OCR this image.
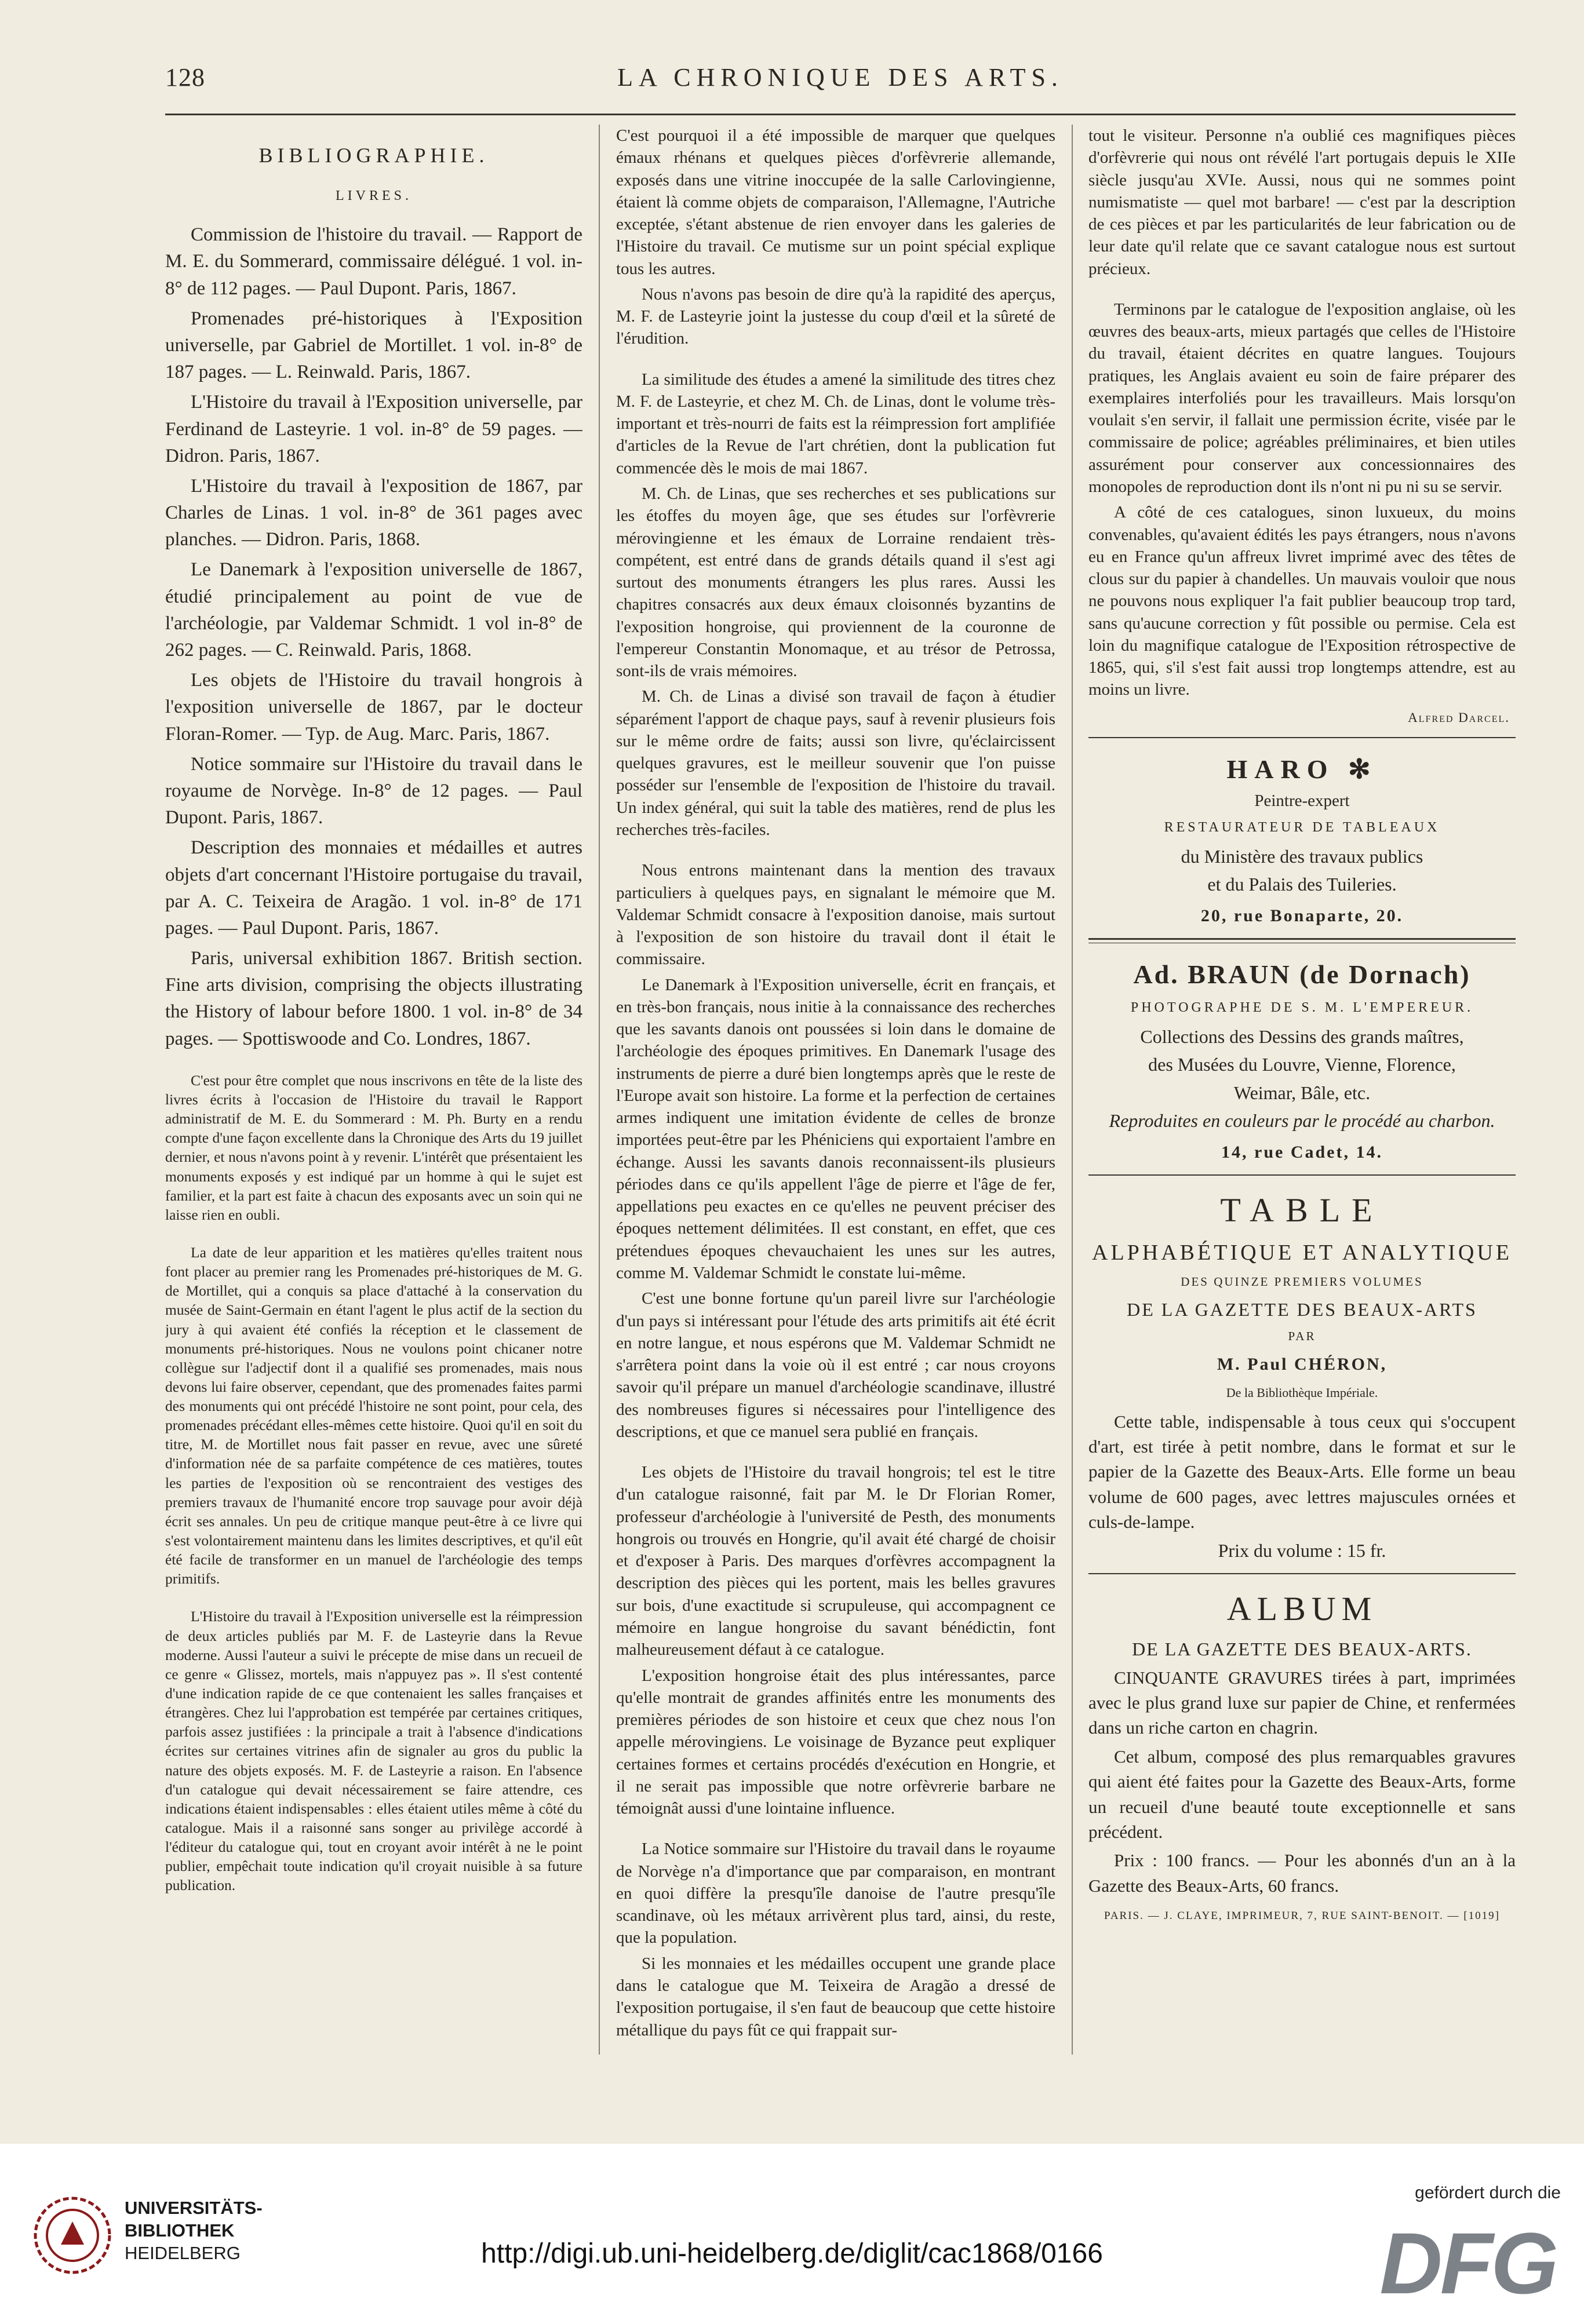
128	LA CHRONIQUE DES ARTS.
BIBLIOGRAPHIE.
LIVRES.

Commission de l'histoire du travail. — Rapport de M. E. du Sommerard, commissaire délégué. 1 vol. in-8° de 112 pages. — Paul Dupont. Paris, 1867.

Promenades pré-historiques à l'Exposition universelle, par Gabriel de Mortillet. 1 vol. in-8° de 187 pages. — L. Reinwald. Paris, 1867.

L'Histoire du travail à l'Exposition universelle, par Ferdinand de Lasteyrie. 1 vol. in-8° de 59 pages. — Didron. Paris, 1867.

L'Histoire du travail à l'exposition de 1867, par Charles de Linas. 1 vol. in-8° de 361 pages avec planches. — Didron. Paris, 1868.

Le Danemark à l'exposition universelle de 1867, étudié principalement au point de vue de l'archéologie, par Valdemar Schmidt. 1 vol in-8° de 262 pages. — C. Reinwald. Paris, 1868.

Les objets de l'Histoire du travail hongrois à l'exposition universelle de 1867, par le docteur Floran-Romer. — Typ. de Aug. Marc. Paris, 1867.

Notice sommaire sur l'Histoire du travail dans le royaume de Norvège. In-8° de 12 pages. — Paul Dupont. Paris, 1867.

Description des monnaies et médailles et autres objets d'art concernant l'Histoire portugaise du travail, par A. C. Teixeira de Aragão. 1 vol. in-8° de 171 pages. — Paul Dupont. Paris, 1867.

Paris, universal exhibition 1867. British section. Fine arts division, comprising the objects illustrating the History of labour before 1800. 1 vol. in-8° de 34 pages. — Spottiswoode and Co. Londres, 1867.

C'est pour être complet que nous inscrivons en tête de la liste des livres écrits à l'occasion de l'Histoire du travail le Rapport administratif de M. E. du Sommerard : M. Ph. Burty en a rendu compte d'une façon excellente dans la Chronique des Arts du 19 juillet dernier, et nous n'avons point à y revenir. L'intérêt que présentaient les monuments exposés y est indiqué par un homme à qui le sujet est familier, et la part est faite à chacun des exposants avec un soin qui ne laisse rien en oubli.

La date de leur apparition et les matières qu'elles traitent nous font placer au premier rang les Promenades pré-historiques de M. G. de Mortillet, qui a conquis sa place d'attaché à la conservation du musée de Saint-Germain en étant l'agent le plus actif de la section du jury à qui avaient été confiés la réception et le classement de monuments pré-historiques. Nous ne voulons point chicaner notre collègue sur l'adjectif dont il a qualifié ses promenades, mais nous devons lui faire observer, cependant, que des promenades faites parmi des monuments qui ont précédé l'histoire ne sont point, pour cela, des promenades précédant elles-mêmes cette histoire. Quoi qu'il en soit du titre, M. de Mortillet nous fait passer en revue, avec une sûreté d'information née de sa parfaite compétence de ces matières, toutes les parties de l'exposition où se rencontraient des vestiges des premiers travaux de l'humanité encore trop sauvage pour avoir déjà écrit ses annales. Un peu de critique manque peut-être à ce livre qui s'est volontairement maintenu dans les limites descriptives, et qu'il eût été facile de transformer en un manuel de l'archéologie des temps primitifs.

L'Histoire du travail à l'Exposition universelle est la réimpression de deux articles publiés par M. F. de Lasteyrie dans la Revue moderne. Aussi l'auteur a suivi le précepte de mise dans un recueil de ce genre « Glissez, mortels, mais n'appuyez pas ». Il s'est contenté d'une indication rapide de ce que contenaient les salles françaises et étrangères. Chez lui l'approbation est tempérée par certaines critiques, parfois assez justifiées : la principale a trait à l'absence d'indications écrites sur certaines vitrines afin de signaler au gros du public la nature des objets exposés. M. F. de Lasteyrie a raison. En l'absence d'un catalogue qui devait nécessairement se faire attendre, ces indications étaient indispensables : elles étaient utiles même à côté du catalogue. Mais il a raisonné sans songer au privilège accordé à l'éditeur du catalogue qui, tout en croyant avoir intérêt à ne le point publier, empêchait toute indication qu'il croyait nuisible à sa future publication.

C'est pourquoi il a été impossible de marquer que quelques émaux rhénans et quelques pièces d'orfèvrerie allemande, exposés dans une vitrine inoccupée de la salle Carlovingienne, étaient là comme objets de comparaison, l'Allemagne, l'Autriche exceptée, s'étant abstenue de rien envoyer dans les galeries de l'Histoire du travail. Ce mutisme sur un point spécial explique tous les autres.

Nous n'avons pas besoin de dire qu'à la rapidité des aperçus, M. F. de Lasteyrie joint la justesse du coup d'œil et la sûreté de l'érudition.

La similitude des études a amené la similitude des titres chez M. F. de Lasteyrie, et chez M. Ch. de Linas, dont le volume très-important et très-nourri de faits est la réimpression fort amplifiée d'articles de la Revue de l'art chrétien, dont la publication fut commencée dès le mois de mai 1867.

M. Ch. de Linas, que ses recherches et ses publications sur les étoffes du moyen âge, que ses études sur l'orfèvrerie mérovingienne et les émaux de Lorraine rendaient très-compétent, est entré dans de grands détails quand il s'est agi surtout des monuments étrangers les plus rares. Aussi les chapitres consacrés aux deux émaux cloisonnés byzantins de l'exposition hongroise, qui proviennent de la couronne de l'empereur Constantin Monomaque, et au trésor de Petrossa, sont-ils de vrais mémoires.

M. Ch. de Linas a divisé son travail de façon à étudier séparément l'apport de chaque pays, sauf à revenir plusieurs fois sur le même ordre de faits; aussi son livre, qu'éclaircissent quelques gravures, est le meilleur souvenir que l'on puisse posséder sur l'ensemble de l'exposition de l'histoire du travail. Un index général, qui suit la table des matières, rend de plus les recherches très-faciles.

Nous entrons maintenant dans la mention des travaux particuliers à quelques pays, en signalant le mémoire que M. Valdemar Schmidt consacre à l'exposition danoise, mais surtout à l'exposition de son histoire du travail dont il était le commissaire.

Le Danemark à l'Exposition universelle, écrit en français, et en très-bon français, nous initie à la connaissance des recherches que les savants danois ont poussées si loin dans le domaine de l'archéologie des époques primitives. En Danemark l'usage des instruments de pierre a duré bien longtemps après que le reste de l'Europe avait son histoire. La forme et la perfection de certaines armes indiquent une imitation évidente de celles de bronze importées peut-être par les Phéniciens qui exportaient l'ambre en échange. Aussi les savants danois reconnaissent-ils plusieurs périodes dans ce qu'ils appellent l'âge de pierre et l'âge de fer, appellations peu exactes en ce qu'elles ne peuvent préciser des époques nettement délimitées. Il est constant, en effet, que ces prétendues époques chevauchaient les unes sur les autres, comme M. Valdemar Schmidt le constate lui-même.

C'est une bonne fortune qu'un pareil livre sur l'archéologie d'un pays si intéressant pour l'étude des arts primitifs ait été écrit en notre langue, et nous espérons que M. Valdemar Schmidt ne s'arrêtera point dans la voie où il est entré ; car nous croyons savoir qu'il prépare un manuel d'archéologie scandinave, illustré des nombreuses figures si nécessaires pour l'intelligence des descriptions, et que ce manuel sera publié en français.

Les objets de l'Histoire du travail hongrois; tel est le titre d'un catalogue raisonné, fait par M. le Dr Florian Romer, professeur d'archéologie à l'université de Pesth, des monuments hongrois ou trouvés en Hongrie, qu'il avait été chargé de choisir et d'exposer à Paris. Des marques d'orfèvres accompagnent la description des pièces qui les portent, mais les belles gravures sur bois, d'une exactitude si scrupuleuse, qui accompagnent ce mémoire en langue hongroise du savant bénédictin, font malheureusement défaut à ce catalogue.

L'exposition hongroise était des plus intéressantes, parce qu'elle montrait de grandes affinités entre les monuments des premières périodes de son histoire et ceux que chez nous l'on appelle mérovingiens. Le voisinage de Byzance peut expliquer certaines formes et certains procédés d'exécution en Hongrie, et il ne serait pas impossible que notre orfèvrerie barbare ne témoignât aussi d'une lointaine influence.

La Notice sommaire sur l'Histoire du travail dans le royaume de Norvège n'a d'importance que par comparaison, en montrant en quoi diffère la presqu'île danoise de l'autre presqu'île scandinave, où les métaux arrivèrent plus tard, ainsi, du reste, que la population.

Si les monnaies et les médailles occupent une grande place dans le catalogue que M. Teixeira de Aragão a dressé de l'exposition portugaise, il s'en faut de beaucoup que cette histoire métallique du pays fût ce qui frappait sur-

tout le visiteur. Personne n'a oublié ces magnifiques pièces d'orfèvrerie qui nous ont révélé l'art portugais depuis le XIIe siècle jusqu'au XVIe. Aussi, nous qui ne sommes point numismatiste — quel mot barbare! — c'est par la description de ces pièces et par les particularités de leur fabrication ou de leur date qu'il relate que ce savant catalogue nous est surtout précieux.

Terminons par le catalogue de l'exposition anglaise, où les œuvres des beaux-arts, mieux partagés que celles de l'Histoire du travail, étaient décrites en quatre langues. Toujours pratiques, les Anglais avaient eu soin de faire préparer des exemplaires interfoliés pour les travailleurs. Mais lorsqu'on voulait s'en servir, il fallait une permission écrite, visée par le commissaire de police; agréables préliminaires, et bien utiles assurément pour conserver aux concessionnaires des monopoles de reproduction dont ils n'ont ni pu ni su se servir.

A côté de ces catalogues, sinon luxueux, du moins convenables, qu'avaient édités les pays étrangers, nous n'avons eu en France qu'un affreux livret imprimé avec des têtes de clous sur du papier à chandelles. Un mauvais vouloir que nous ne pouvons nous expliquer l'a fait publier beaucoup trop tard, sans qu'aucune correction y fût possible ou permise. Cela est loin du magnifique catalogue de l'Exposition rétrospective de 1865, qui, s'il s'est fait aussi trop longtemps attendre, est au moins un livre.

Alfred Darcel.
HARO ✻
Peintre-expert
RESTAURATEUR DE TABLEAUX
du Ministère des travaux publics
et du Palais des Tuileries.
20, rue Bonaparte, 20.
Ad. BRAUN (de Dornach)
PHOTOGRAPHE DE S. M. L'EMPEREUR.
Collections des Dessins des grands maîtres,
des Musées du Louvre, Vienne, Florence,
Weimar, Bâle, etc.
Reproduites en couleurs par le procédé au charbon.
14, rue Cadet, 14.
TABLE
ALPHABÉTIQUE ET ANALYTIQUE
DES QUINZE PREMIERS VOLUMES
DE LA GAZETTE DES BEAUX-ARTS
PAR
M. Paul CHÉRON,
De la Bibliothèque Impériale.

Cette table, indispensable à tous ceux qui s'occupent d'art, est tirée à petit nombre, dans le format et sur le papier de la Gazette des Beaux-Arts. Elle forme un beau volume de 600 pages, avec lettres majuscules ornées et culs-de-lampe.

Prix du volume : 15 fr.
ALBUM
DE LA GAZETTE DES BEAUX-ARTS.

CINQUANTE GRAVURES tirées à part, imprimées avec le plus grand luxe sur papier de Chine, et renfermées dans un riche carton en chagrin.

Cet album, composé des plus remarquables gravures qui aient été faites pour la Gazette des Beaux-Arts, forme un recueil d'une beauté toute exceptionnelle et sans précédent.

Prix : 100 francs. — Pour les abonnés d'un an à la Gazette des Beaux-Arts, 60 francs.

PARIS. — J. CLAYE, IMPRIMEUR, 7, RUE SAINT-BENOIT. — [1019]
UNIVERSITÄTS-
BIBLIOTHEK
HEIDELBERG	http://digi.ub.uni-heidelberg.de/diglit/cac1868/0166
gefördert durch die
DFG
